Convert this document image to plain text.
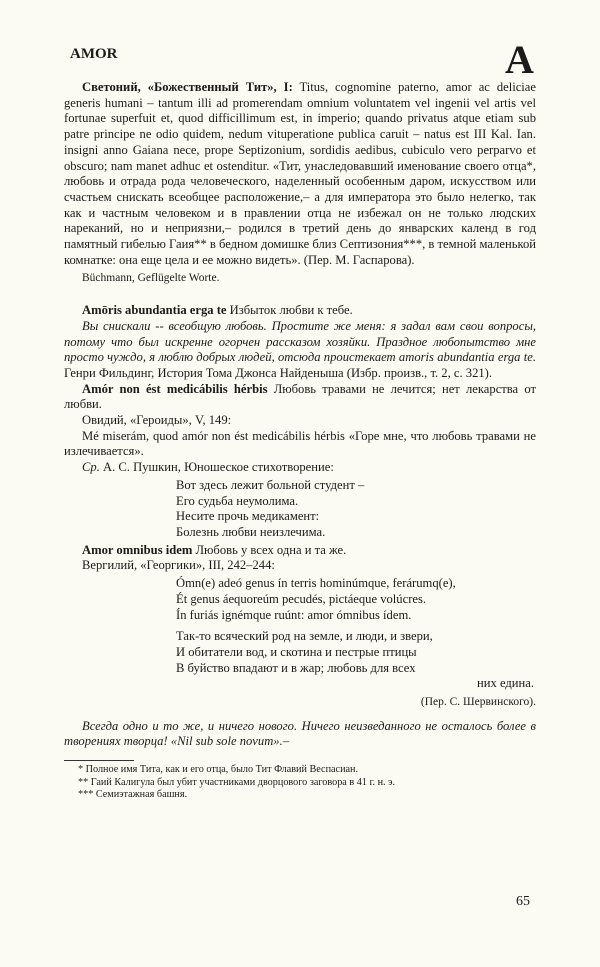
AMOR	A

Светоний, «Божественный Тит», I: Titus, cognomine paterno, amor ac deliciae generis humani – tantum illi ad promerendam omnium voluntatem vel ingenii vel artis vel fortunae superfuit et, quod difficillimum est, in imperio; quando privatus atque etiam sub patre principe ne odio quidem, nedum vituperatione publica caruit – natus est III Kal. Ian. insigni anno Gaiana nece, prope Septizonium, sordidis aedibus, cubiculo vero perparvo et obscuro; nam manet adhuc et ostenditur. «Тит, унаследовавший именование своего отца*, любовь и отрада рода человеческого, наделенный особенным даром, искусством или счастьем снискать всеобщее расположение,– а для императора это было нелегко, так как и частным человеком и в правлении отца не избежал он не только людских нареканий, но и неприязни,– родился в третий день до январских календ в год памятный гибелью Гаия** в бедном домишке близ Септизония***, в темной маленькой комнатке: она еще цела и ее можно видеть». (Пер. М. Гаспарова).

Büchmann, Geflügelte Worte.

Amōris abundantia erga te Избыток любви к тебе.

Вы снискали -- всеобщую любовь. Простите же меня: я задал вам свои вопросы, потому что был искренне огорчен рассказом хозяйки. Праздное любопытство мне просто чуждо, я люблю добрых людей, отсюда проистекает amoris abundantia erga te. Генри Фильдинг, История Тома Джонса Найденыша (Избр. произв., т. 2, с. 321).

Amór non ést medicábilis hérbis Любовь травами не лечится; нет лекарства от любви.

Овидий, «Героиды», V, 149:

Mé miserám, quod amór non ést medicábilis hérbis «Горе мне, что любовь травами не излечивается».

Ср. А. С. Пушкин, Юношеское стихотворение:

Вот здесь лежит больной студент –
Его судьба неумолима.
Несите прочь медикамент:
Болезнь любви неизлечима.

Amor omnibus idem Любовь у всех одна и та же.

Вергилий, «Георгики», III, 242–244:

Ómn(e) adeó genus ín terris hominúmque, ferárumq(e),
Ét genus áequoreúm pecudés, pictáeque volúcres.
Ín furiás ignémque ruúnt: amor ómnibus ídem.
Так-то всяческий род на земле, и люди, и звери,
И обитатели вод, и скотина и пестрые птицы
В буйство впадают и в жар; любовь для всех
них едина.
(Пер. С. Шервинского).

Всегда одно и то же, и ничего нового. Ничего неизведанного не осталось более в творениях творца! «Nil sub sole novum».–

* Полное имя Тита, как и его отца, было Тит Флавий Веспасиан.
** Гаий Калигула был убит участниками дворцового заговора в 41 г. н. э.
*** Семиэтажная башня.
65
